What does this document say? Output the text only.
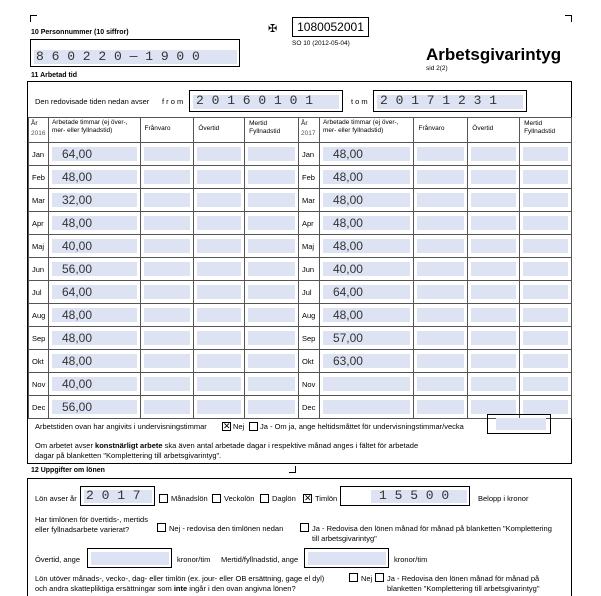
10 Personnummer (10 siffror)
8 6 0 2 2 0 — 1 9 0 0
✠	1080052001
SO 10 (2012-05-04)
Arbetsgivarintyg
sid 2(2)
11 Arbetad tid
Den redovisade tiden nedan avser f r o m 2 0 1 6 0 1 0 1	t o m 2 0 1 7 1 2 3 1
År
2016	Arbetade timmar (ej över-, mer- eller fyllnadstid)	Frånvaro	Övertid	Mertid Fyllnadstid

Jan	64,00			

Feb	48,00			

Mar	32,00			

Apr	48,00			

Maj	40,00			

Jun	56,00			

Jul	64,00			

Aug	48,00			

Sep	48,00			

Okt	48,00			

Nov	40,00			

Dec	56,00			

År
2017	Arbetade timmar (ej över-, mer- eller fyllnadstid)	Frånvaro	Övertid	Mertid Fyllnadstid

Jan	48,00			

Feb	48,00			

Mar	48,00			

Apr	48,00			

Maj	48,00			

Jun	40,00			

Jul	64,00			

Aug	48,00			

Sep	57,00			

Okt	63,00			

Nov				

Dec				

Arbetstiden ovan har angivits i undervisningstimmar ✕ Nej Ja - Om ja, ange heltidsmåttet för undervisningstimmar/vecka
Om arbetet avser konstnärligt arbete ska även antal arbetade dagar i respektive månad anges i fältet för arbetade
dagar på blanketten "Komplettering till arbetsgivarintyg".
12 Uppgifter om lönen
Lön avser år 2 0 1 7	Månadslön Veckolön Daglön ✕ Timlön	1 5 5 0 0	Belopp i kronor
Har timlönen för övertids-, mertids
eller fyllnadsarbete varierat?	Nej - redovisa den timlönen nedan	Ja - Redovisa den lönen månad för månad på blanketten "Komplettering
till arbetsgivarintyg"
Övertid, ange	kronor/tim Mertid/fyllnadstid, ange	kronor/tim
Lön utöver månads-, vecko-, dag- eller timlön (ex. jour- eller OB ersättning, gage el dyl)
och andra skattepliktiga ersättningar som inte ingår i den ovan angivna lönen?
Nej Ja - Redovisa den lönen månad för månad på
blanketten "Komplettering till arbetsgivarintyg"
